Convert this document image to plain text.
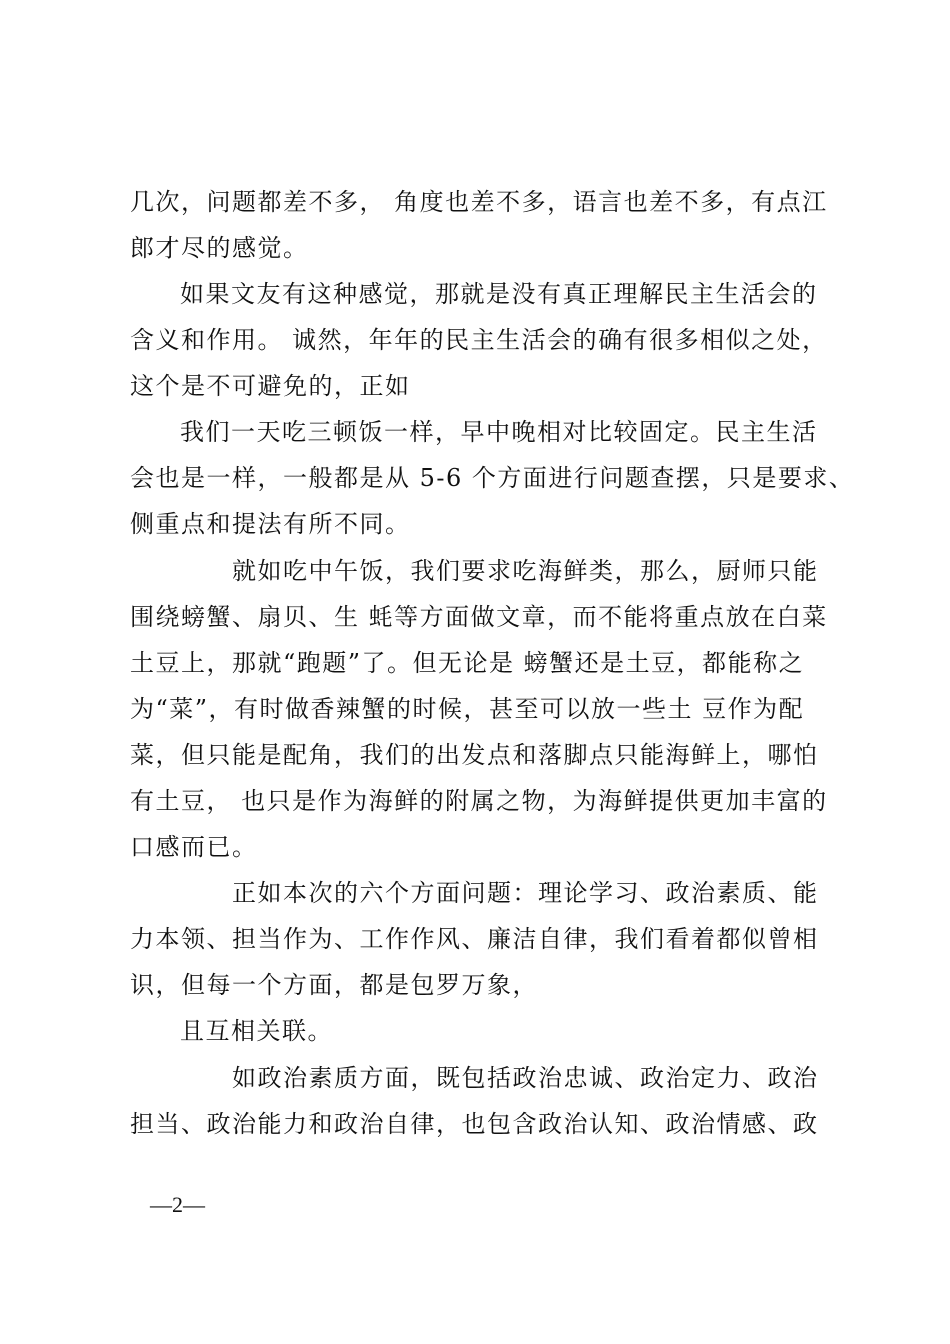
几次，问题都差不多， 角度也差不多，语言也差不多，有点江
郎才尽的感觉。
如果文友有这种感觉，那就是没有真正理解民主生活会的
含义和作用。 诚然，年年的民主生活会的确有很多相似之处，
这个是不可避免的，正如
我们一天吃三顿饭一样，早中晚相对比较固定。民主生活
会也是一样，一般都是从 5-6 个方面进行问题查摆，只是要求、
侧重点和提法有所不同。
就如吃中午饭，我们要求吃海鲜类，那么，厨师只能
围绕螃蟹、扇贝、生 蚝等方面做文章，而不能将重点放在白菜
土豆上，那就“跑题”了。但无论是 螃蟹还是土豆，都能称之
为“菜”，有时做香辣蟹的时候，甚至可以放一些土 豆作为配
菜，但只能是配角，我们的出发点和落脚点只能海鲜上，哪怕
有土豆， 也只是作为海鲜的附属之物，为海鲜提供更加丰富的
口感而已。
正如本次的六个方面问题：理论学习、政治素质、能
力本领、担当作为、工作作风、廉洁自律，我们看着都似曾相
识，但每一个方面，都是包罗万象，
且互相关联。
如政治素质方面，既包括政治忠诚、政治定力、政治
担当、政治能力和政治自律，也包含政治认知、政治情感、政
—2—
